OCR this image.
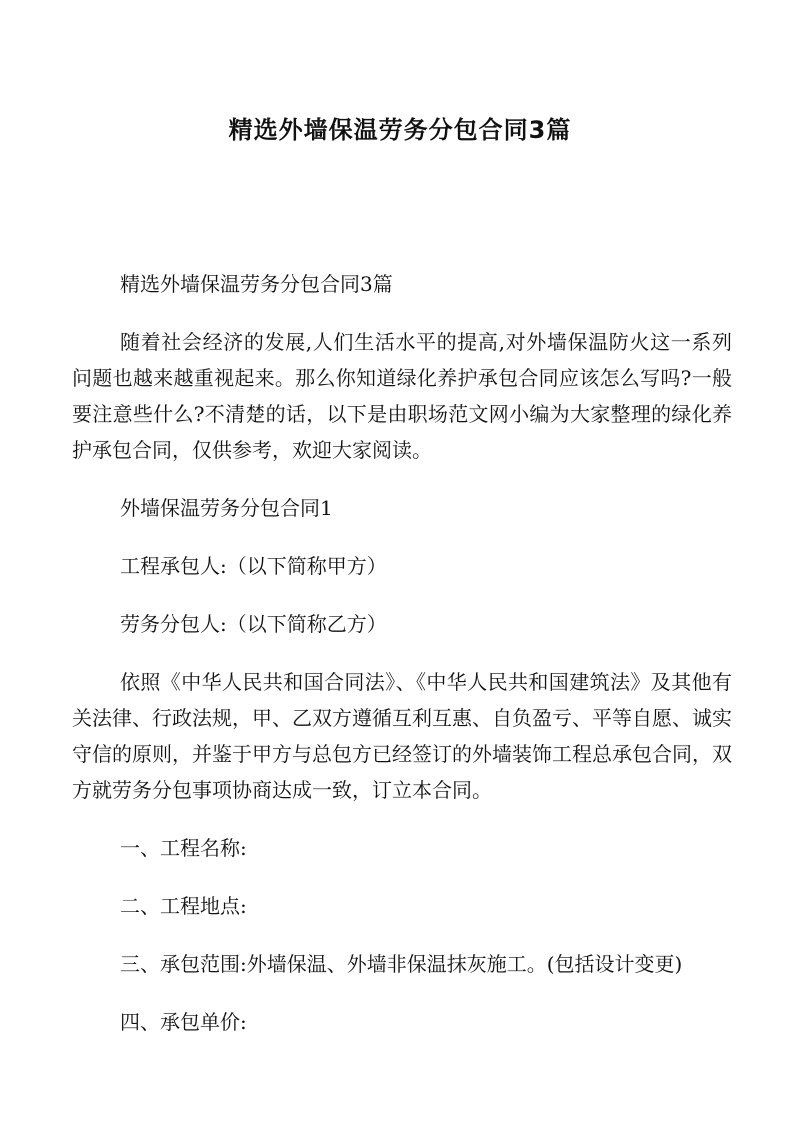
精选外墙保温劳务分包合同3篇

精选外墙保温劳务分包合同3篇

随着社会经济的发展,人们生活水平的提高,对外墙保温防火这一系列问题也越来越重视起来。那么你知道绿化养护承包合同应该怎么写吗?一般要注意些什么?不清楚的话，以下是由职场范文网小编为大家整理的绿化养护承包合同，仅供参考，欢迎大家阅读。

外墙保温劳务分包合同1

工程承包人:（以下简称甲方）

劳务分包人:（以下简称乙方）

依照《中华人民共和国合同法》、《中华人民共和国建筑法》及其他有关法律、行政法规，甲、乙双方遵循互利互惠、自负盈亏、平等自愿、诚实守信的原则，并鉴于甲方与总包方已经签订的外墙装饰工程总承包合同，双方就劳务分包事项协商达成一致，订立本合同。

一、工程名称:

二、工程地点:

三、承包范围:外墙保温、外墙非保温抹灰施工。(包括设计变更)

四、承包单价:
